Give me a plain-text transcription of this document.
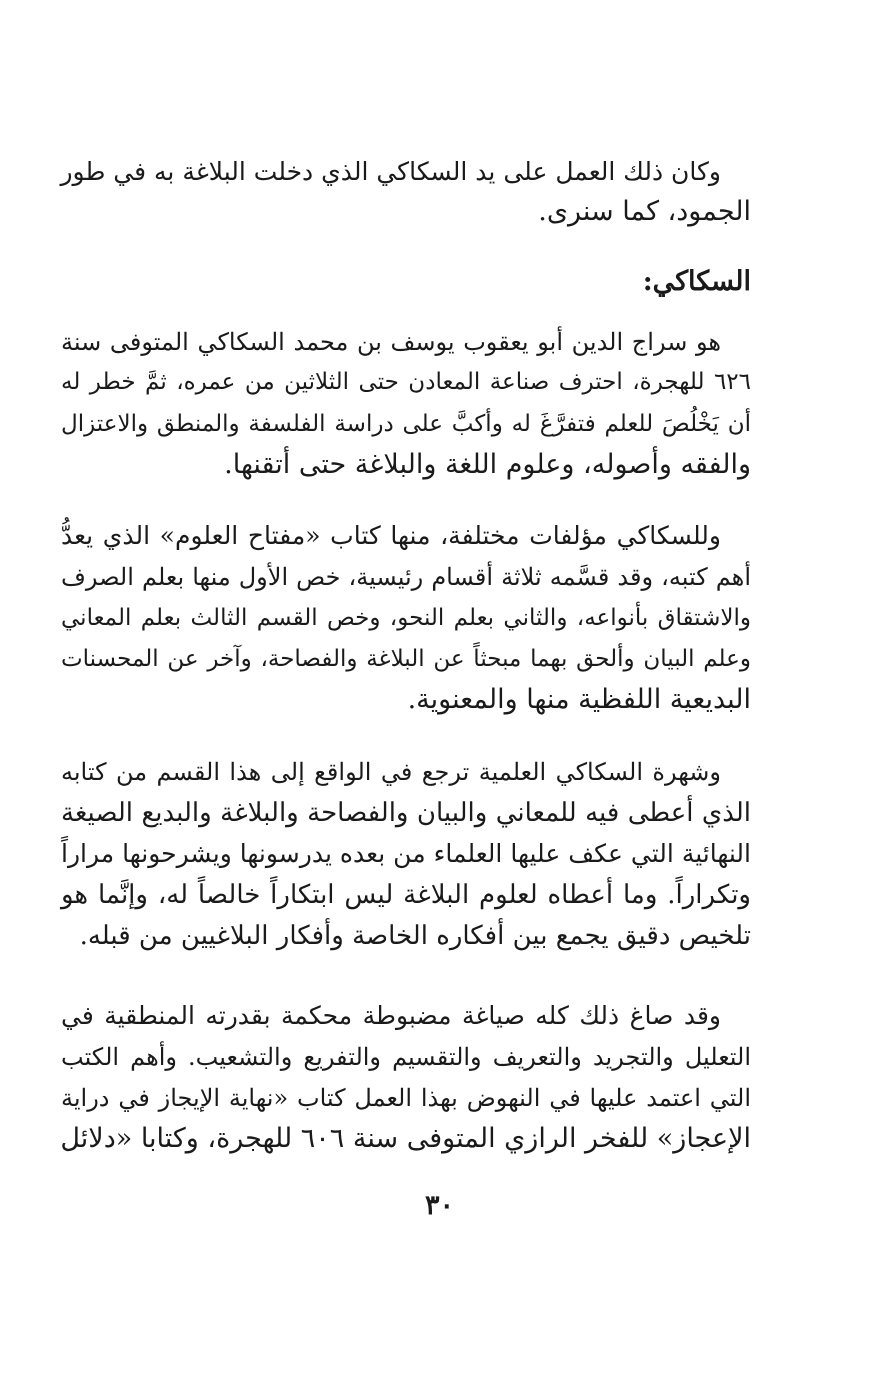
وكان ذلك العمل على يد السكاكي الذي دخلت البلاغة به في طور
الجمود، كما سنرى.
السكاكي:
هو سراج الدين أبو يعقوب يوسف بن محمد السكاكي المتوفى سنة
٦٢٦ للهجرة، احترف صناعة المعادن حتى الثلاثين من عمره، ثمَّ خطر له
أن يَخْلُصَ للعلم فتفرَّغَ له وأكبَّ على دراسة الفلسفة والمنطق والاعتزال
والفقه وأصوله، وعلوم اللغة والبلاغة حتى أتقنها.
وللسكاكي مؤلفات مختلفة، منها كتاب «مفتاح العلوم» الذي يعدُّ
أهم كتبه، وقد قسَّمه ثلاثة أقسام رئيسية، خص الأول منها بعلم الصرف
والاشتقاق بأنواعه، والثاني بعلم النحو، وخص القسم الثالث بعلم المعاني
وعلم البيان وألحق بهما مبحثاً عن البلاغة والفصاحة، وآخر عن المحسنات
البديعية اللفظية منها والمعنوية.
وشهرة السكاكي العلمية ترجع في الواقع إلى هذا القسم من كتابه
الذي أعطى فيه للمعاني والبيان والفصاحة والبلاغة والبديع الصيغة
النهائية التي عكف عليها العلماء من بعده يدرسونها ويشرحونها مراراً
وتكراراً. وما أعطاه لعلوم البلاغة ليس ابتكاراً خالصاً له، وإنَّما هو
تلخيص دقيق يجمع بين أفكاره الخاصة وأفكار البلاغيين من قبله.
وقد صاغ ذلك كله صياغة مضبوطة محكمة بقدرته المنطقية في
التعليل والتجريد والتعريف والتقسيم والتفريع والتشعيب. وأهم الكتب
التي اعتمد عليها في النهوض بهذا العمل كتاب «نهاية الإيجاز في دراية
الإعجاز» للفخر الرازي المتوفى سنة ٦٠٦ للهجرة، وكتابا «دلائل
٣٠
